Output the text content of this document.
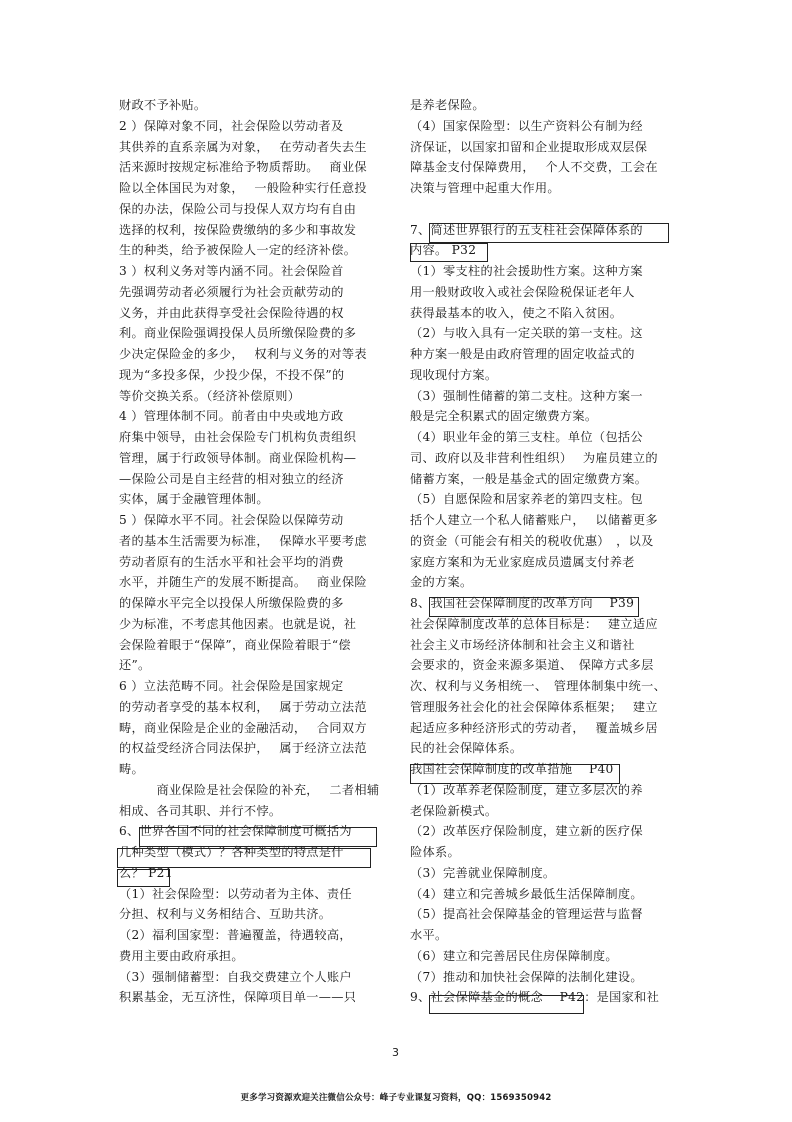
财政不予补贴。
2 ）保障对象不同，社会保险以劳动者及
其供养的直系亲属为对象，　 在劳动者失去生
活来源时按规定标准给予物质帮助。　 商业保
险以全体国民为对象，　 一般险种实行任意投
保的办法，保险公司与投保人双方均有自由
选择的权利，按保险费缴纳的多少和事故发
生的种类，给予被保险人一定的经济补偿。
3 ）权利义务对等内涵不同。社会保险首
先强调劳动者必须履行为社会贡献劳动的
义务，并由此获得享受社会保险待遇的权
利。商业保险强调投保人员所缴保险费的多
少决定保险金的多少，　 权利与义务的对等表
现为“多投多保，少投少保，不投不保”的
等价交换关系。（经济补偿原则）
4 ）管理体制不同。前者由中央或地方政
府集中领导，由社会保险专门机构负责组织
管理，属于行政领导体制。商业保险机构—
—保险公司是自主经营的相对独立的经济
实体，属于金融管理体制。
5 ）保障水平不同。社会保险以保障劳动
者的基本生活需要为标准，　 保障水平要考虑
劳动者原有的生活水平和社会平均的消费
水平，并随生产的发展不断提高。　 商业保险
的保障水平完全以投保人所缴保险费的多
少为标准，不考虑其他因素。也就是说，社
会保险着眼于“保障”，商业保险着眼于“偿
还”。
6 ）立法范畴不同。社会保险是国家规定
的劳动者享受的基本权利，　 属于劳动立法范
畴，商业保险是企业的金融活动，　 合同双方
的权益受经济合同法保护，　 属于经济立法范
畴。
　　　商业保险是社会保险的补充，　 二者相辅
相成、各司其职、并行不悖。
6、世界各国不同的社会保障制度可概括为
几种类型（模式）？各种类型的特点是什
么？ P21
（1）社会保险型：以劳动者为主体、责任
分担、权利与义务相结合、互助共济。
（2）福利国家型：普遍覆盖，待遇较高，
费用主要由政府承担。
（3）强制储蓄型：自我交费建立个人账户
积累基金，无互济性，保障项目单一——只
是养老保险。
（4）国家保险型：以生产资料公有制为经
济保证，以国家扣留和企业提取形成双层保
障基金支付保障费用，　 个人不交费，工会在
决策与管理中起重大作用。
7、简述世界银行的五支柱社会保障体系的
内容。 P32
（1）零支柱的社会援助性方案。这种方案
用一般财政收入或社会保险税保证老年人
获得最基本的收入，使之不陷入贫困。
（2）与收入具有一定关联的第一支柱。这
种方案一般是由政府管理的固定收益式的
现收现付方案。
（3）强制性储蓄的第二支柱。这种方案一
般是完全积累式的固定缴费方案。
（4）职业年金的第三支柱。单位（包括公
司、政府以及非营利性组织）　 为雇员建立的
储蓄方案，一般是基金式的固定缴费方案。
（5）自愿保险和居家养老的第四支柱。包
括个人建立一个私人储蓄账户，　 以储蓄更多
的资金（可能会有相关的税收优惠）　，以及
家庭方案和为无业家庭成员遗属支付养老
金的方案。
8、我国社会保障制度的改革方向　 P39
社会保障制度改革的总体目标是：　 建立适应
社会主义市场经济体制和社会主义和谐社
会要求的，资金来源多渠道、　保障方式多层
次、权利与义务相统一、　管理体制集中统一、
管理服务社会化的社会保障体系框架；　 建立
起适应多种经济形式的劳动者，　 覆盖城乡居
民的社会保障体系。
我国社会保障制度的改革措施　 P40
（1）改革养老保险制度，建立多层次的养
老保险新模式。
（2）改革医疗保险制度，建立新的医疗保
险体系。
（3）完善就业保障制度。
（4）建立和完善城乡最低生活保障制度。
（5）提高社会保障基金的管理运营与监督
水平。
（6）建立和完善居民住房保障制度。
（7）推动和加快社会保障的法制化建设。
9、社会保障基金的概念　 P42：是国家和社
3
更多学习资源欢迎关注微信公众号：峰子专业课复习资料，QQ：1569350942
